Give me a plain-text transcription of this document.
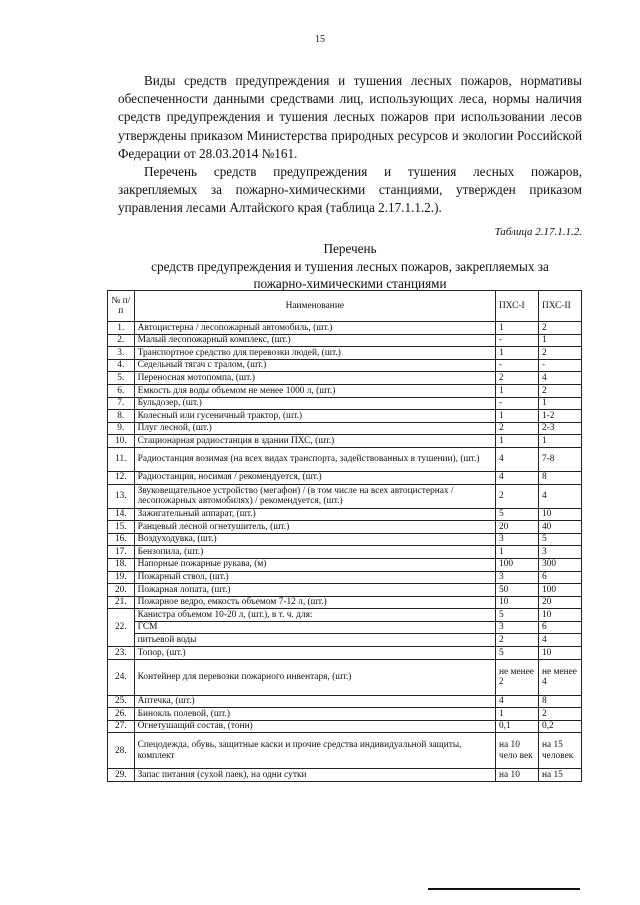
15

Виды средств предупреждения и тушения лесных пожаров, нормативы обеспеченности данными средствами лиц, использующих леса, нормы наличия средств предупреждения и тушения лесных пожаров при использовании лесов утверждены приказом Министерства природных ресурсов и экологии Российской Федерации от 28.03.2014 №161.

Перечень средств предупреждения и тушения лесных пожаров, закрепляемых за пожарно-химическими станциями, утвержден приказом управления лесами Алтайского края (таблица 2.17.1.1.2.).

Таблица 2.17.1.1.2.
Перечень
средств предупреждения и тушения лесных пожаров, закрепляемых за
пожарно-химическими станциями
№ п/п	Наименование	ПХС-I	ПХС-II
1.	Автоцистерна / лесопожарный автомобиль, (шт.)	1	2
2.	Малый лесопожарный комплекс, (шт.)	-	1
3.	Транспортное средство для перевозки людей, (шт.)	1	2
4.	Седельный тягач с тралом, (шт.)	-	-
5.	Переносная мотопомпа, (шт.)	2	4
6.	Емкость для воды объемом не менее 1000 л, (шт.)	1	2
7.	Бульдозер, (шт.)	-	1
8.	Колесный или гусеничный трактор, (шт.)	1	1-2
9.	Плуг лесной, (шт.)	2	2-3
10.	Стационарная радиостанция в здании ПХС, (шт.)	1	1
11.	Радиостанция возимая (на всех видах транспорта, задействованных в тушении), (шт.)	4	7-8
12.	Радиостанция, носимая / рекомендуется, (шт.)	4	8
13.	Звуковещательное устройство (мегафон) / (в том числе на всех автоцистернах / лесопожарных автомобилях) / рекомендуется, (шт.)	2	4
14.	Зажигательный аппарат, (шт.)	5	10
15.	Ранцевый лесной огнетушитель, (шт.)	20	40
16.	Воздуходувка, (шт.)	3	5
17.	Бензопила, (шт.)	1	3
18.	Напорные пожарные рукава, (м)	100	300
19.	Пожарный ствол, (шт.)	3	6
20.	Пожарная лопата, (шт.)	50	100
21.	Пожарное ведро, емкость объемом 7-12 л, (шт.)	10	20
22.	Канистра объемом 10-20 л, (шт.), в т. ч. для:	5	10
	ГСМ	3	6
	питьевой воды	2	4
23.	Топор, (шт.)	5	10
24.	Контейнер для перевозки пожарного инвентаря, (шт.)	не менее 2	не менее 4
25.	Аптечка, (шт.)	4	8
26.	Бинокль полевой, (шт.)	1	2
27.	Огнетушащий состав, (тонн)	0,1	0,2
28.	Спецодежда, обувь, защитные каски и прочие средства индивидуальной защиты, комплект	на 10 чело век	на 15 человек
29.	Запас питания (сухой паек), на одни сутки	на 10	на 15
